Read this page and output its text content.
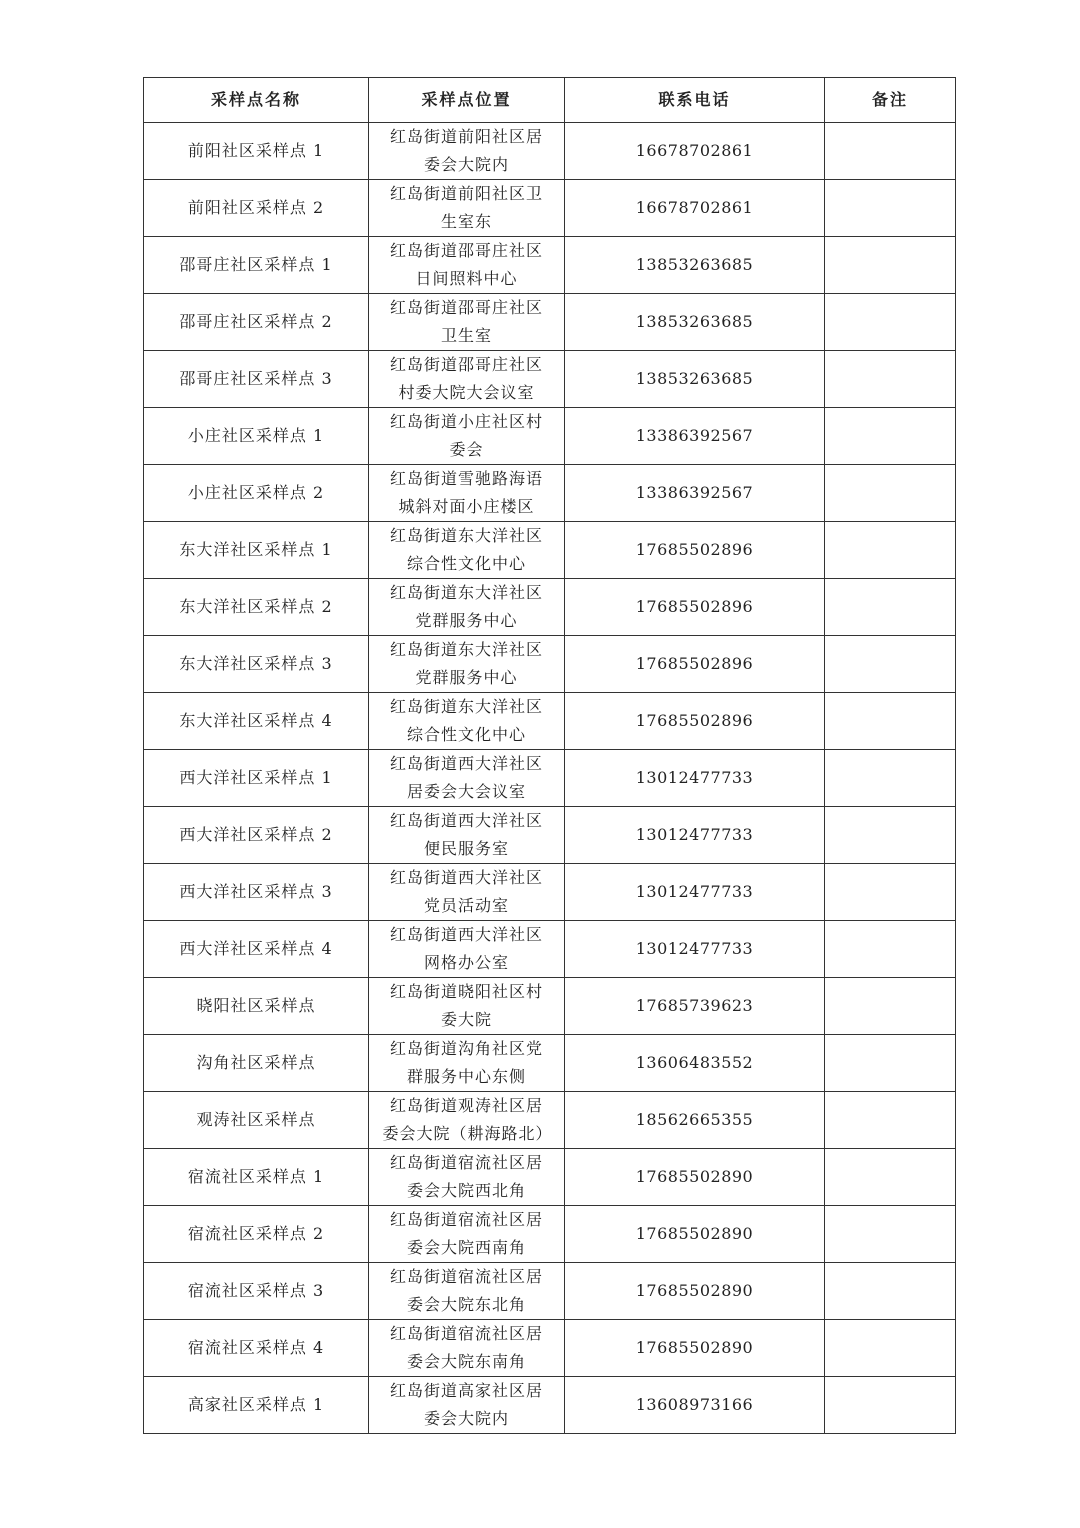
采样点名称	采样点位置	联系电话	备注
前阳社区采样点 1	红岛街道前阳社区居委会大院内	16678702861	
前阳社区采样点 2	红岛街道前阳社区卫生室东	16678702861	
邵哥庄社区采样点 1	红岛街道邵哥庄社区日间照料中心	13853263685	
邵哥庄社区采样点 2	红岛街道邵哥庄社区卫生室	13853263685	
邵哥庄社区采样点 3	红岛街道邵哥庄社区村委大院大会议室	13853263685	
小庄社区采样点 1	红岛街道小庄社区村委会	13386392567	
小庄社区采样点 2	红岛街道雪驰路海语城斜对面小庄楼区	13386392567	
东大洋社区采样点 1	红岛街道东大洋社区综合性文化中心	17685502896	
东大洋社区采样点 2	红岛街道东大洋社区党群服务中心	17685502896	
东大洋社区采样点 3	红岛街道东大洋社区党群服务中心	17685502896	
东大洋社区采样点 4	红岛街道东大洋社区综合性文化中心	17685502896	
西大洋社区采样点 1	红岛街道西大洋社区居委会大会议室	13012477733	
西大洋社区采样点 2	红岛街道西大洋社区便民服务室	13012477733	
西大洋社区采样点 3	红岛街道西大洋社区党员活动室	13012477733	
西大洋社区采样点 4	红岛街道西大洋社区网格办公室	13012477733	
晓阳社区采样点	红岛街道晓阳社区村委大院	17685739623	
沟角社区采样点	红岛街道沟角社区党群服务中心东侧	13606483552	
观涛社区采样点	红岛街道观涛社区居委会大院（耕海路北）	18562665355	
宿流社区采样点 1	红岛街道宿流社区居委会大院西北角	17685502890	
宿流社区采样点 2	红岛街道宿流社区居委会大院西南角	17685502890	
宿流社区采样点 3	红岛街道宿流社区居委会大院东北角	17685502890	
宿流社区采样点 4	红岛街道宿流社区居委会大院东南角	17685502890	
高家社区采样点 1	红岛街道高家社区居委会大院内	13608973166	
